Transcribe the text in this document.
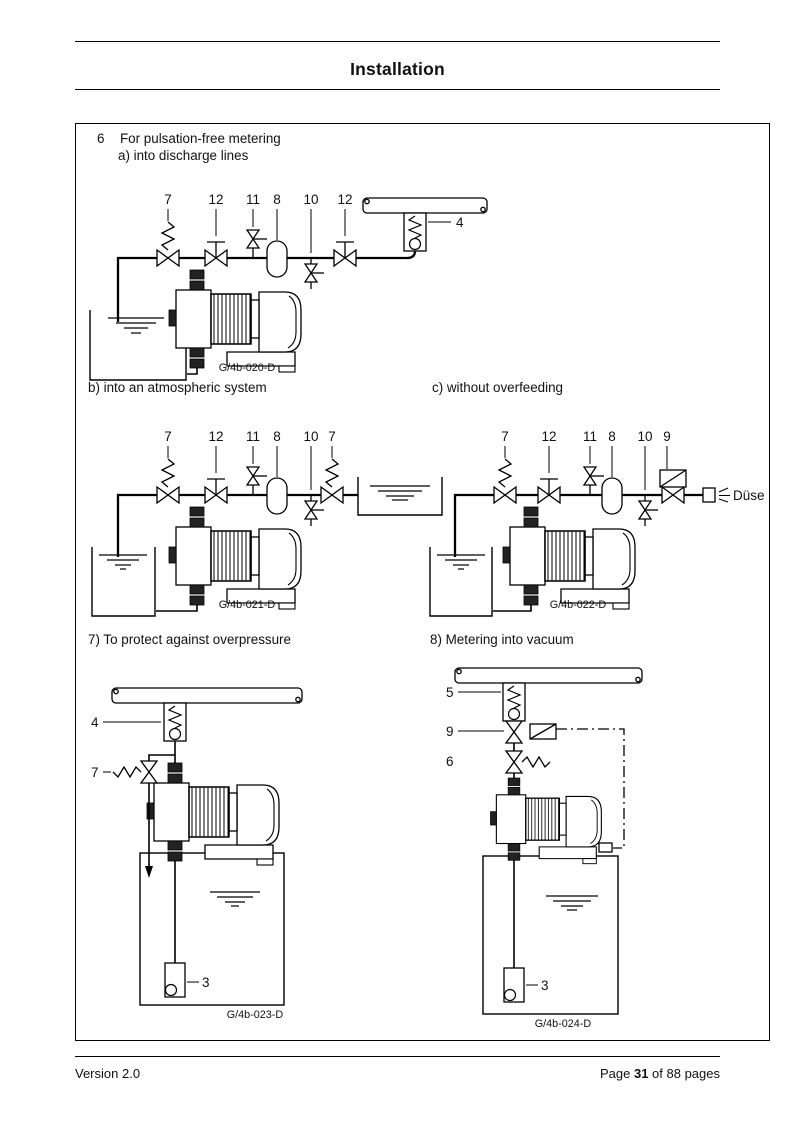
Installation
6 For pulsation-free metering
a) into discharge lines
b) into an atmospheric system	c) without overfeeding
7) To protect against overpressure	8) Metering into vacuum
7	12 11 8 10 12
4
G/4b-020-D
7	12 11 8 10 7
G/4b-021-D
7 12 11 8 10 9
Düse
G/4b-022-D
4
7
3
G/4b-023-D
5
9
6
3
G/4b-024-D
Version 2.0	Page 31 of 88 pages
